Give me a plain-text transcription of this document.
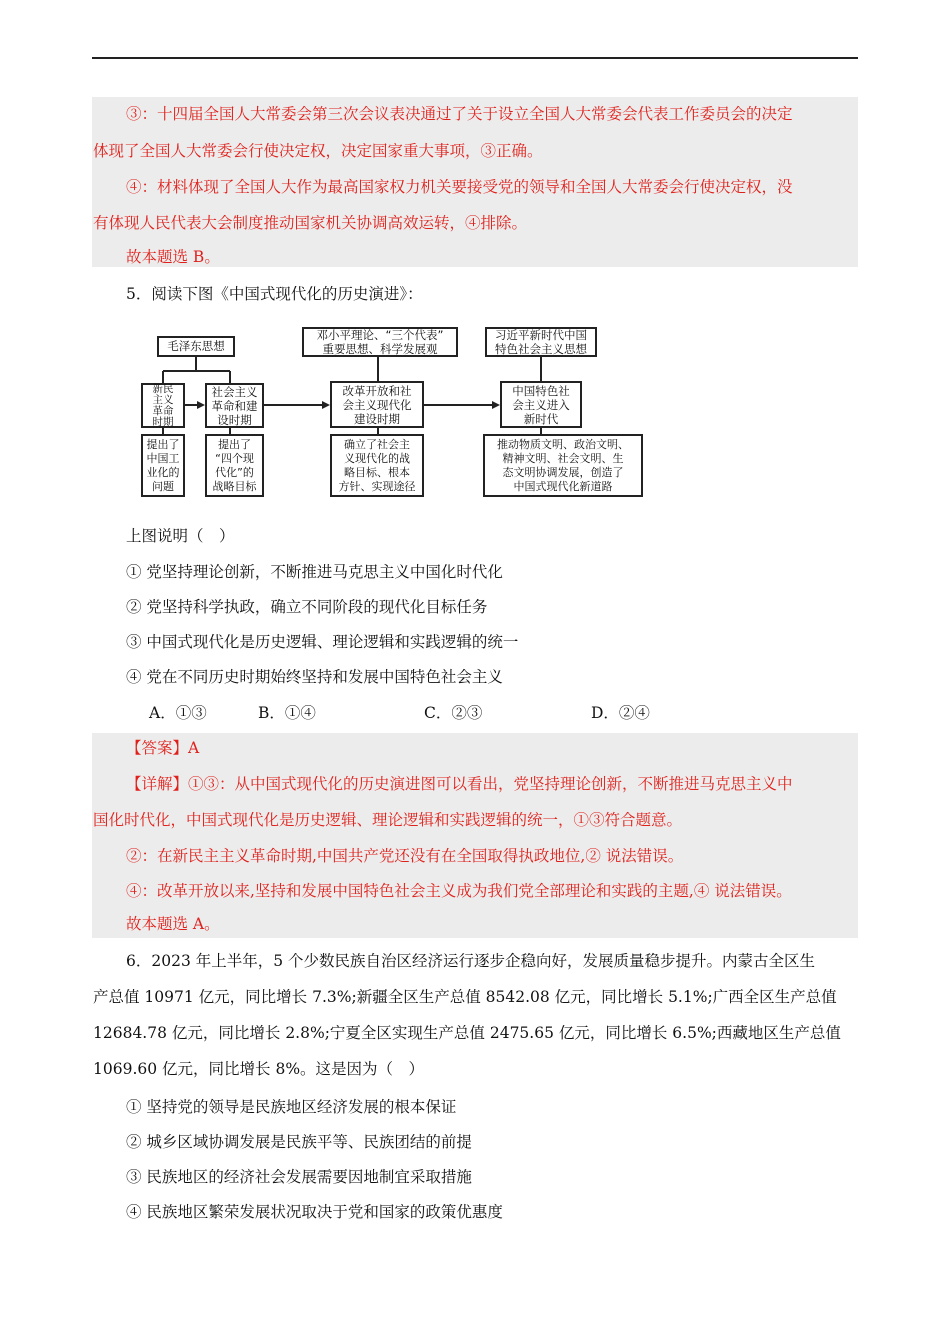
③：十四届全国人大常委会第三次会议表决通过了关于设立全国人大常委会代表工作委员会的决定
体现了全国人大常委会行使决定权，决定国家重大事项，③正确。
④：材料体现了全国人大作为最高国家权力机关要接受党的领导和全国人大常委会行使决定权，没
有体现人民代表大会制度推动国家机关协调高效运转，④排除。
故本题选 B。
5．阅读下图《中国式现代化的历史演进》：
毛泽东思想
新民
主义
革命
时期
社会主义
革命和建
设时期
邓小平理论、“三个代表”
重要思想、科学发展观
改革开放和社
会主义现代化
建设时期
习近平新时代中国
特色社会主义思想
中国特色社
会主义进入
新时代
提出了
中国工
业化的
问题
提出了
“四个现
代化”的
战略目标
确立了社会主
义现代化的战
略目标、根本
方针、实现途径
推动物质文明、政治文明、
精神文明、社会文明、生
态文明协调发展，创造了
中国式现代化新道路
上图说明（　）
① 党坚持理论创新，不断推进马克思主义中国化时代化
② 党坚持科学执政，确立不同阶段的现代化目标任务
③ 中国式现代化是历史逻辑、理论逻辑和实践逻辑的统一
④ 党在不同历史时期始终坚持和发展中国特色社会主义
A．①③	B．①④	C．②③	D．②④
【答案】A
【详解】①③：从中国式现代化的历史演进图可以看出，党坚持理论创新，不断推进马克思主义中
国化时代化，中国式现代化是历史逻辑、理论逻辑和实践逻辑的统一，①③符合题意。
②：在新民主主义革命时期,中国共产党还没有在全国取得执政地位,② 说法错误。
④：改革开放以来,坚持和发展中国特色社会主义成为我们党全部理论和实践的主题,④ 说法错误。
故本题选 A。
6．2023 年上半年，5 个少数民族自治区经济运行逐步企稳向好，发展质量稳步提升。内蒙古全区生
产总值 10971 亿元，同比增长 7.3%;新疆全区生产总值 8542.08 亿元，同比增长 5.1%;广西全区生产总值
12684.78 亿元，同比增长 2.8%;宁夏全区实现生产总值 2475.65 亿元，同比增长 6.5%;西藏地区生产总值
1069.60 亿元，同比增长 8%。这是因为（　）
① 坚持党的领导是民族地区经济发展的根本保证
② 城乡区域协调发展是民族平等、民族团结的前提
③ 民族地区的经济社会发展需要因地制宜采取措施
④ 民族地区繁荣发展状况取决于党和国家的政策优惠度
